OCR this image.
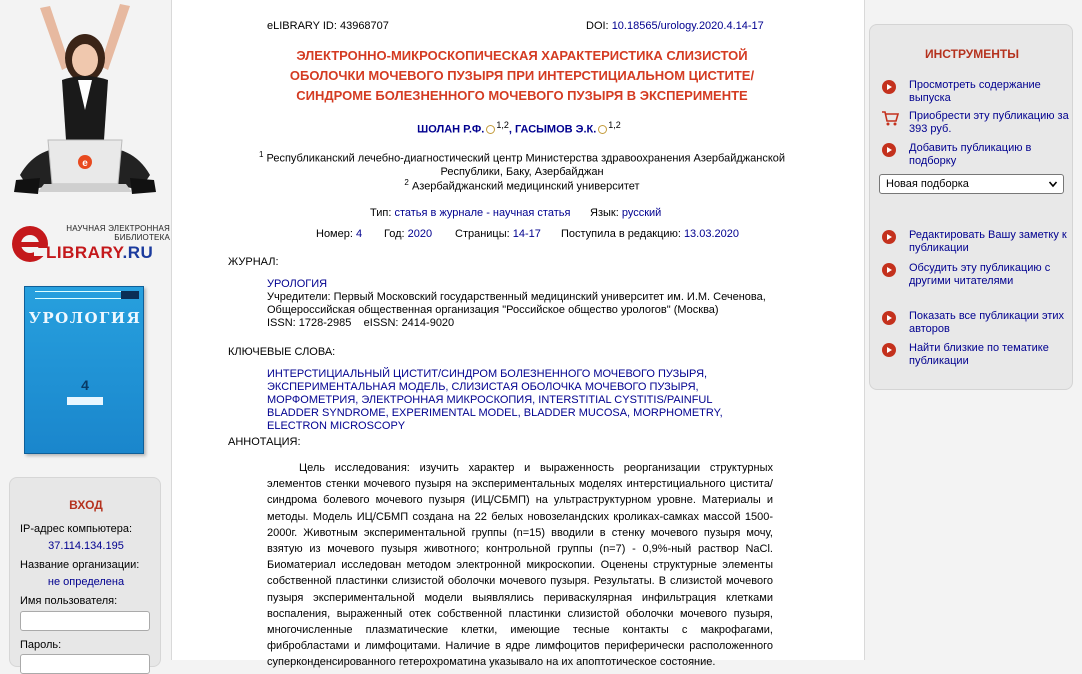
e
НАУЧНАЯ ЭЛЕКТРОННАЯ БИБЛИОТЕКА
LIBRARY.RU
УРОЛОГИЯ
4
ВХОД
IP-адрес компьютера:
37.114.134.195
Название организации:
не определена
Имя пользователя:
Пароль:
eLIBRARY ID: 43968707	DOI: 10.18565/urology.2020.4.14-17
ЭЛЕКТРОННО-МИКРОСКОПИЧЕСКАЯ ХАРАКТЕРИСТИКА СЛИЗИСТОЙ
ОБОЛОЧКИ МОЧЕВОГО ПУЗЫРЯ ПРИ ИНТЕРСТИЦИАЛЬНОМ ЦИСТИТЕ/
СИНДРОМЕ БОЛЕЗНЕННОГО МОЧЕВОГО ПУЗЫРЯ В ЭКСПЕРИМЕНТЕ
ШОЛАН Р.Ф. $^{1,2}$, ГАСЫМОВ Э.К. $^{1,2}$
$^1$ Республиканский лечебно-диагностический центр Министерства здравоохранения Азербайджанской Республики, Баку, Азербайджан
$^2$ Азербайджанский медицинский университет
Тип: статья в журнале - научная статья Язык: русский
Номер: 4 Год: 2020 Страницы: 14-17 Поступила в редакцию: 13.03.2020
ЖУРНАЛ:
УРОЛОГИЯ
Учредители: Первый Московский государственный медицинский университет им. И.М. Сеченова, Общероссийская общественная организация "Российское общество урологов" (Москва)
ISSN: 1728-2985 eISSN: 2414-9020
КЛЮЧЕВЫЕ СЛОВА:
ИНТЕРСТИЦИАЛЬНЫЙ ЦИСТИТ/СИНДРОМ БОЛЕЗНЕННОГО МОЧЕВОГО ПУЗЫРЯ, ЭКСПЕРИМЕНТАЛЬНАЯ МОДЕЛЬ, СЛИЗИСТАЯ ОБОЛОЧКА МОЧЕВОГО ПУЗЫРЯ, МОРФОМЕТРИЯ, ЭЛЕКТРОННАЯ МИКРОСКОПИЯ, INTERSTITIAL CYSTITIS/PAINFUL BLADDER SYNDROME, EXPERIMENTAL MODEL, BLADDER MUCOSA, MORPHOMETRY, ELECTRON MICROSCOPY
АННОТАЦИЯ:
Цель исследования: изучить характер и выраженность реорганизации структурных элементов стенки мочевого пузыря на экспериментальных моделях интерстициального цистита/синдрома болевого мочевого пузыря (ИЦ/СБМП) на ультраструктурном уровне. Материалы и методы. Модель ИЦ/СБМП создана на 22 белых новозеландских кроликах-самках массой 1500-2000г. Животным экспериментальной группы (n=15) вводили в стенку мочевого пузыря мочу, взятую из мочевого пузыря животного; контрольной группы (n=7) - 0,9%-ный раствор NaCl. Биоматериал исследован методом электронной микроскопии. Оценены структурные элементы собственной пластинки слизистой оболочки мочевого пузыря. Результаты. В слизистой мочевого пузыря экспериментальной модели выявлялись периваскулярная инфильтрация клетками воспаления, выраженный отек собственной пластинки слизистой оболочки мочевого пузыря, многочисленные плазматические клетки, имеющие тесные контакты с макрофагами, фибробластами и лимфоцитами. Наличие в ядре лимфоцитов периферически расположенного суперконденсированного гетерохроматина указывало на их апоптотическое состояние.
ИНСТРУМЕНТЫ
Просмотреть содержание выпуска
Приобрести эту публикацию за 393 руб.
Добавить публикацию в подборку
Новая подборка
Редактировать Вашу заметку к публикации
Обсудить эту публикацию с другими читателями
Показать все публикации этих авторов
Найти близкие по тематике публикации
